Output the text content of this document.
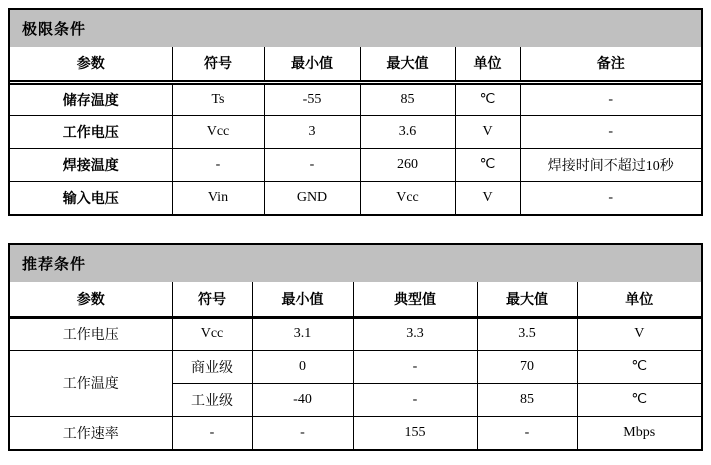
极限条件
参数	符号	最小值	最大值	单位	备注
储存温度	Ts	-55	85	℃	-
工作电压	Vcc	3	3.6	V	-
焊接温度	-	-	260	℃	焊接时间不超过10秒
输入电压	Vin	GND	Vcc	V	-
推荐条件
参数	符号	最小值	典型值	最大值	单位
工作电压	Vcc	3.1	3.3	3.5	V
工作温度	商业级	0	-	70	℃
	工业级	-40	-	85	℃
工作速率	-	-	155	-	Mbps
